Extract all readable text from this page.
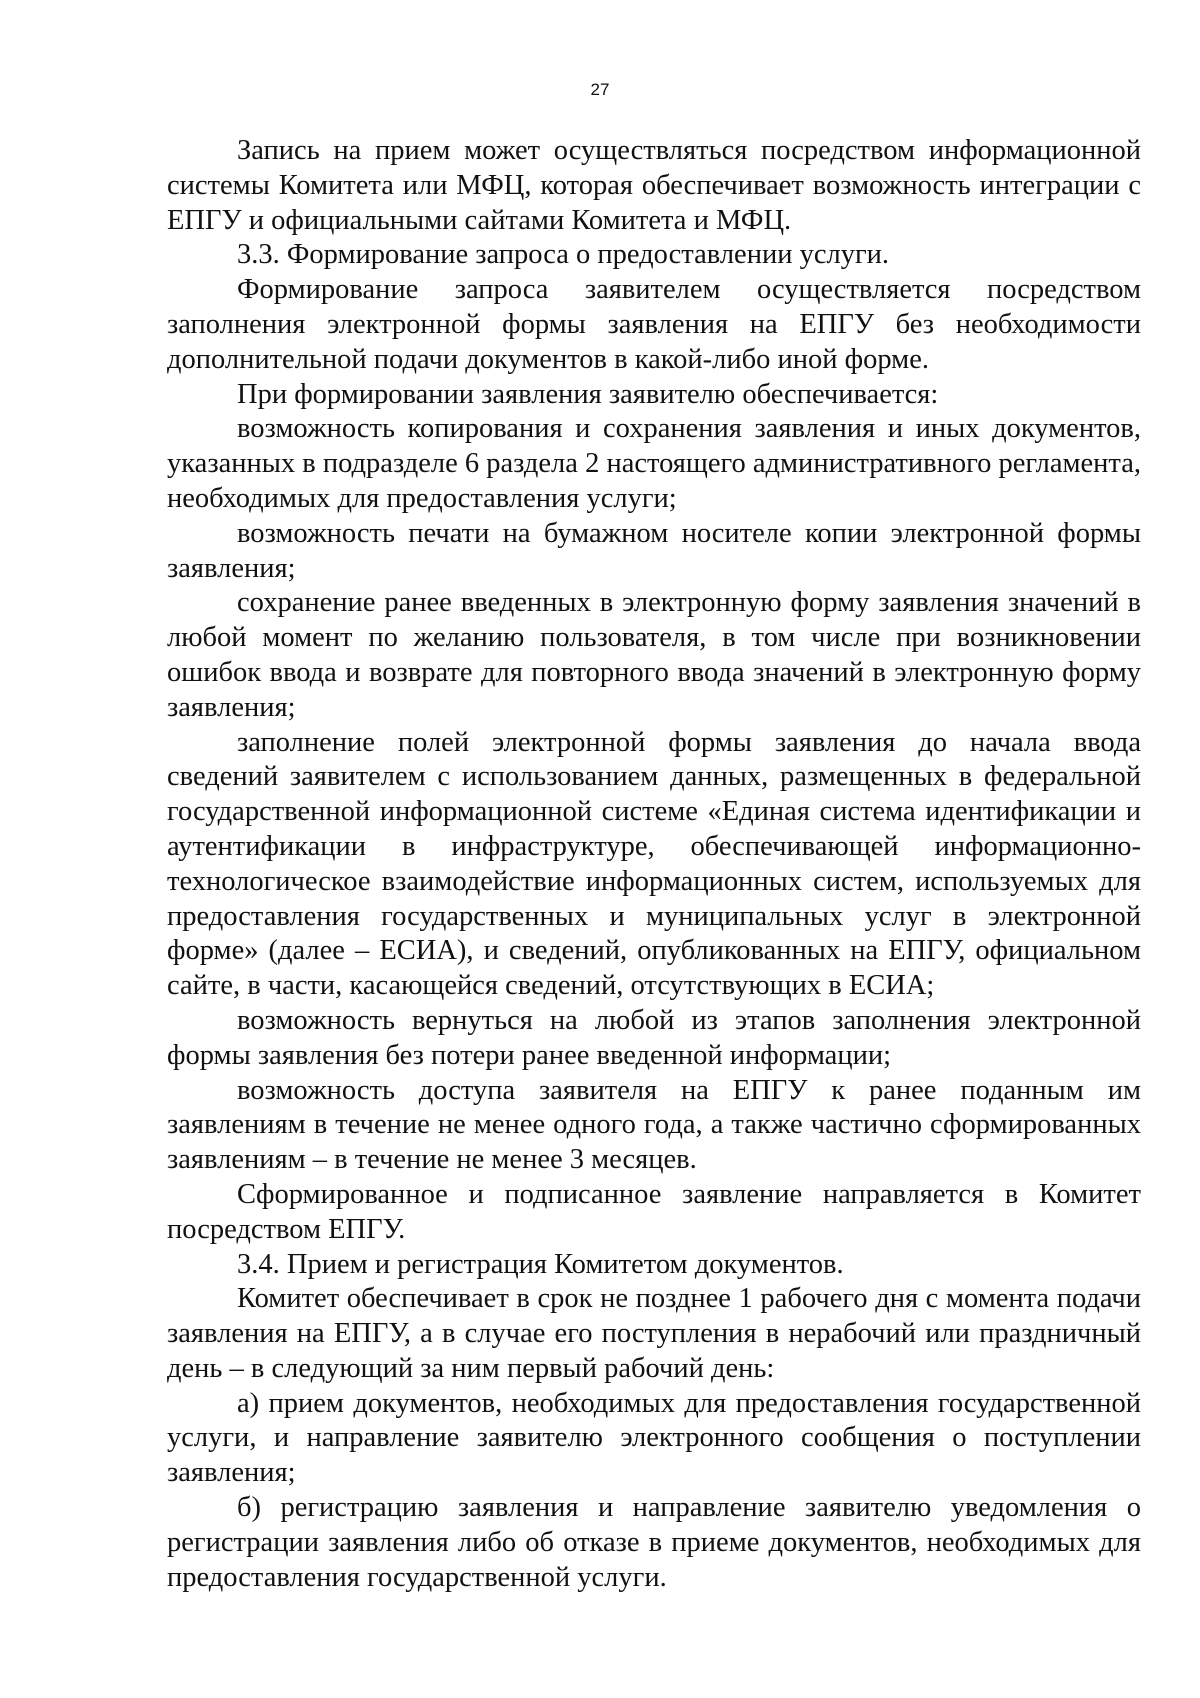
27

Запись на прием может осуществляться посредством информационной системы Комитета или МФЦ, которая обеспечивает возможность интеграции с ЕПГУ и официальными сайтами Комитета и МФЦ.

3.3. Формирование запроса о предоставлении услуги.

Формирование запроса заявителем осуществляется посредством заполнения электронной формы заявления на ЕПГУ без необходимости дополнительной подачи документов в какой-либо иной форме.

При формировании заявления заявителю обеспечивается:

возможность копирования и сохранения заявления и иных документов, указанных в подразделе 6 раздела 2 настоящего административного регламента, необходимых для предоставления услуги;

возможность печати на бумажном носителе копии электронной формы заявления;

сохранение ранее введенных в электронную форму заявления значений в любой момент по желанию пользователя, в том числе при возникновении ошибок ввода и возврате для повторного ввода значений в электронную форму заявления;

заполнение полей электронной формы заявления до начала ввода сведений заявителем с использованием данных, размещенных в федеральной государственной информационной системе «Единая система идентификации и аутентификации в инфраструктуре, обеспечивающей информационно-технологическое взаимодействие информационных систем, используемых для предоставления государственных и муниципальных услуг в электронной форме» (далее – ЕСИА), и сведений, опубликованных на ЕПГУ, официальном сайте, в части, касающейся сведений, отсутствующих в ЕСИА;

возможность вернуться на любой из этапов заполнения электронной формы заявления без потери ранее введенной информации;

возможность доступа заявителя на ЕПГУ к ранее поданным им заявлениям в течение не менее одного года, а также частично сформированных заявлениям – в течение не менее 3 месяцев.

Сформированное и подписанное заявление направляется в Комитет посредством ЕПГУ.

3.4. Прием и регистрация Комитетом документов.

Комитет обеспечивает в срок не позднее 1 рабочего дня с момента подачи заявления на ЕПГУ, а в случае его поступления в нерабочий или праздничный день – в следующий за ним первый рабочий день:

а) прием документов, необходимых для предоставления государственной услуги, и направление заявителю электронного сообщения о поступлении заявления;

б) регистрацию заявления и направление заявителю уведомления о регистрации заявления либо об отказе в приеме документов, необходимых для предоставления государственной услуги.
